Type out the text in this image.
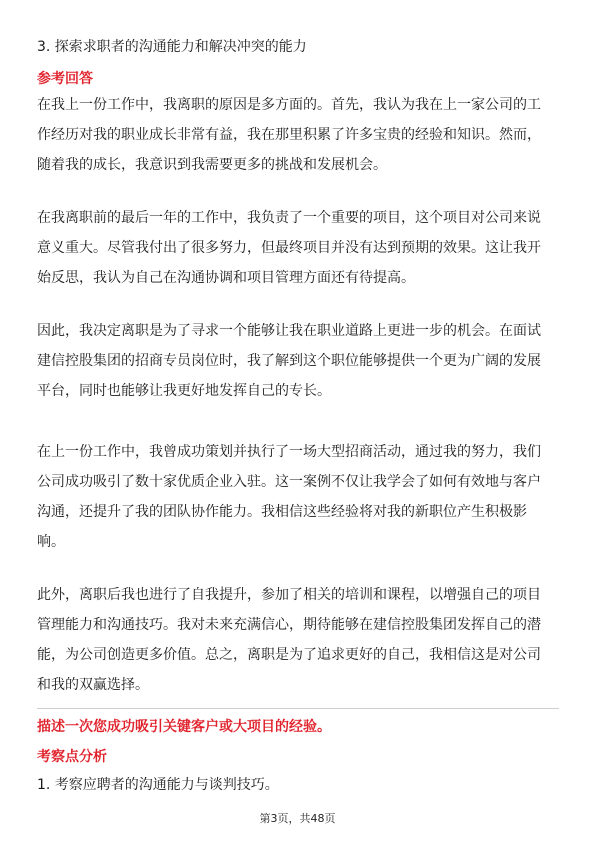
3. 探索求职者的沟通能力和解决冲突的能力
参考回答
在我上一份工作中，我离职的原因是多方面的。首先，我认为我在上一家公司的工
作经历对我的职业成长非常有益，我在那里积累了许多宝贵的经验和知识。然而，
随着我的成长，我意识到我需要更多的挑战和发展机会。
在我离职前的最后一年的工作中，我负责了一个重要的项目，这个项目对公司来说
意义重大。尽管我付出了很多努力，但最终项目并没有达到预期的效果。这让我开
始反思，我认为自己在沟通协调和项目管理方面还有待提高。
因此，我决定离职是为了寻求一个能够让我在职业道路上更进一步的机会。在面试
建信控股集团的招商专员岗位时，我了解到这个职位能够提供一个更为广阔的发展
平台，同时也能够让我更好地发挥自己的专长。
在上一份工作中，我曾成功策划并执行了一场大型招商活动，通过我的努力，我们
公司成功吸引了数十家优质企业入驻。这一案例不仅让我学会了如何有效地与客户
沟通，还提升了我的团队协作能力。我相信这些经验将对我的新职位产生积极影
响。
此外，离职后我也进行了自我提升，参加了相关的培训和课程，以增强自己的项目
管理能力和沟通技巧。我对未来充满信心，期待能够在建信控股集团发挥自己的潜
能，为公司创造更多价值。总之，离职是为了追求更好的自己，我相信这是对公司
和我的双赢选择。
描述一次您成功吸引关键客户或大项目的经验。
考察点分析
1. 考察应聘者的沟通能力与谈判技巧。
第3页，共48页
